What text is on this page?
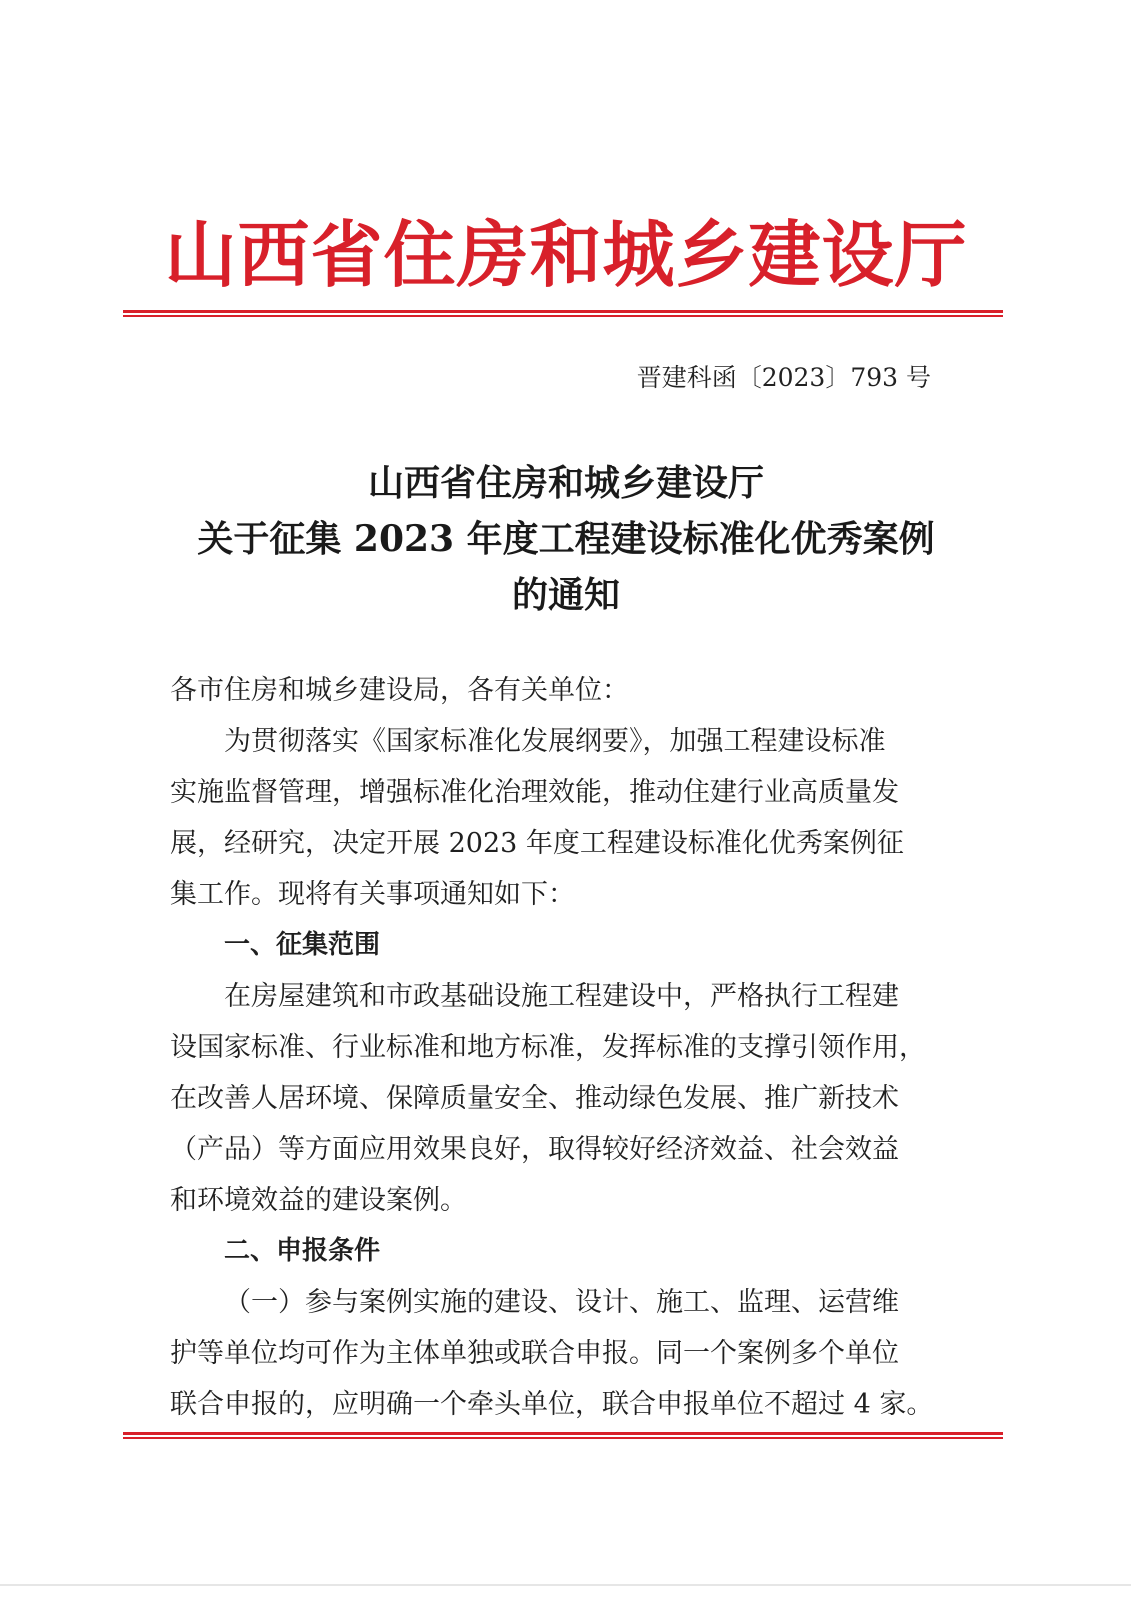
山西省住房和城乡建设厅
晋建科函〔2023〕793 号
山西省住房和城乡建设厅
关于征集 2023 年度工程建设标准化优秀案例
的通知
各市住房和城乡建设局，各有关单位：
为贯彻落实《国家标准化发展纲要》，加强工程建设标准
实施监督管理，增强标准化治理效能，推动住建行业高质量发
展，经研究，决定开展 2023 年度工程建设标准化优秀案例征
集工作。现将有关事项通知如下：
一、征集范围
在房屋建筑和市政基础设施工程建设中，严格执行工程建
设国家标准、行业标准和地方标准，发挥标准的支撑引领作用，
在改善人居环境、保障质量安全、推动绿色发展、推广新技术
（产品）等方面应用效果良好，取得较好经济效益、社会效益
和环境效益的建设案例。
二、申报条件
（一）参与案例实施的建设、设计、施工、监理、运营维
护等单位均可作为主体单独或联合申报。同一个案例多个单位
联合申报的，应明确一个牵头单位，联合申报单位不超过 4 家。
